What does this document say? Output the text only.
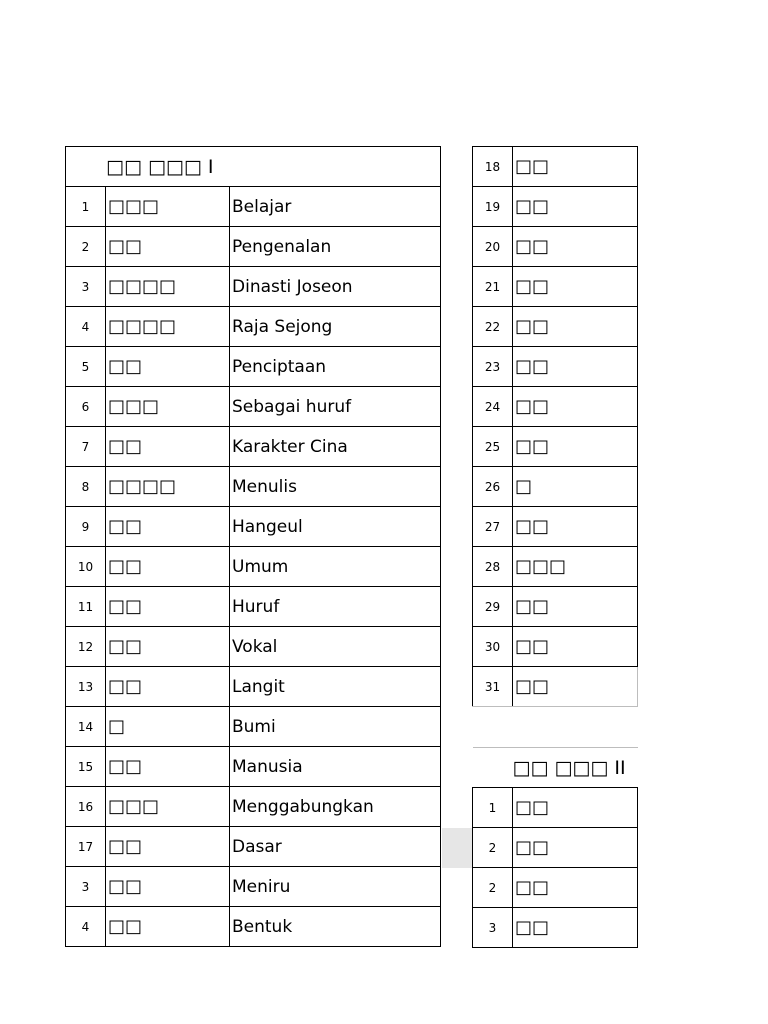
□□ □□□ I		
1	□□□	Belajar
2	□□	Pengenalan
3	□□□□	Dinasti Joseon
4	□□□□	Raja Sejong
5	□□	Penciptaan
6	□□□	Sebagai huruf
7	□□	Karakter Cina
8	□□□□	Menulis
9	□□	Hangeul
10	□□	Umum
11	□□	Huruf
12	□□	Vokal
13	□□	Langit
14	□	Bumi
15	□□	Manusia
16	□□□	Menggabungkan
17	□□	Dasar
3	□□	Meniru
4	□□	Bentuk
18	□□
19	□□
20	□□
21	□□
22	□□
23	□□
24	□□
25	□□
26	□
27	□□
28	□□□
29	□□
30	□□
31	□□
□□ □□□ II	
1	□□
2	□□
2	□□
3	□□
